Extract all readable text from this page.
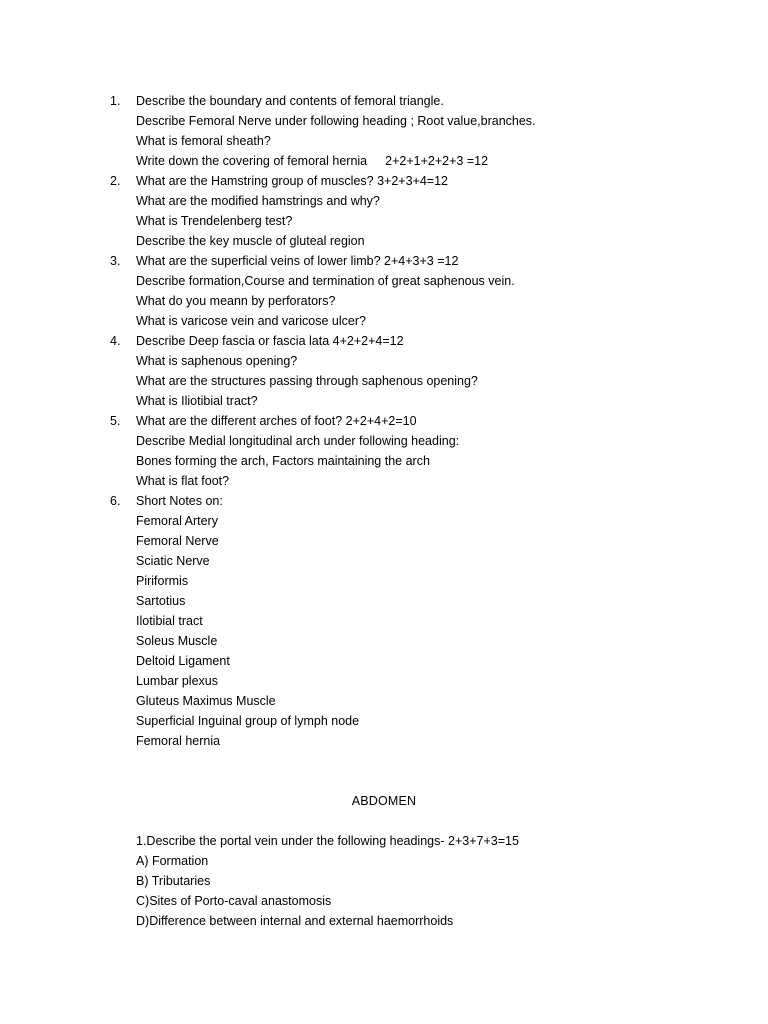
1. Describe the boundary and contents of femoral triangle.
Describe Femoral Nerve under following heading ; Root value,branches.
What is femoral sheath?
Write down the covering of femoral hernia 2+2+1+2+2+3 =12
2. What are the Hamstring group of muscles? 3+2+3+4=12
What are the modified hamstrings and why?
What is Trendelenberg test?
Describe the key muscle of gluteal region
3. What are the superficial veins of lower limb? 2+4+3+3 =12
Describe formation,Course and termination of great saphenous vein.
What do you meann by perforators?
What is varicose vein and varicose ulcer?
4. Describe Deep fascia or fascia lata 4+2+2+4=12
What is saphenous opening?
What are the structures passing through saphenous opening?
What is Iliotibial tract?
5. What are the different arches of foot? 2+2+4+2=10
Describe Medial longitudinal arch under following heading:
Bones forming the arch, Factors maintaining the arch
What is flat foot?
6. Short Notes on:
Femoral Artery
Femoral Nerve
Sciatic Nerve
Piriformis
Sartotius
Ilotibial tract
Soleus Muscle
Deltoid Ligament
Lumbar plexus
Gluteus Maximus Muscle
Superficial Inguinal group of lymph node
Femoral hernia
ABDOMEN
1.Describe the portal vein under the following headings- 2+3+7+3=15
A) Formation
B) Tributaries
C)Sites of Porto-caval anastomosis
D)Difference between internal and external haemorrhoids
